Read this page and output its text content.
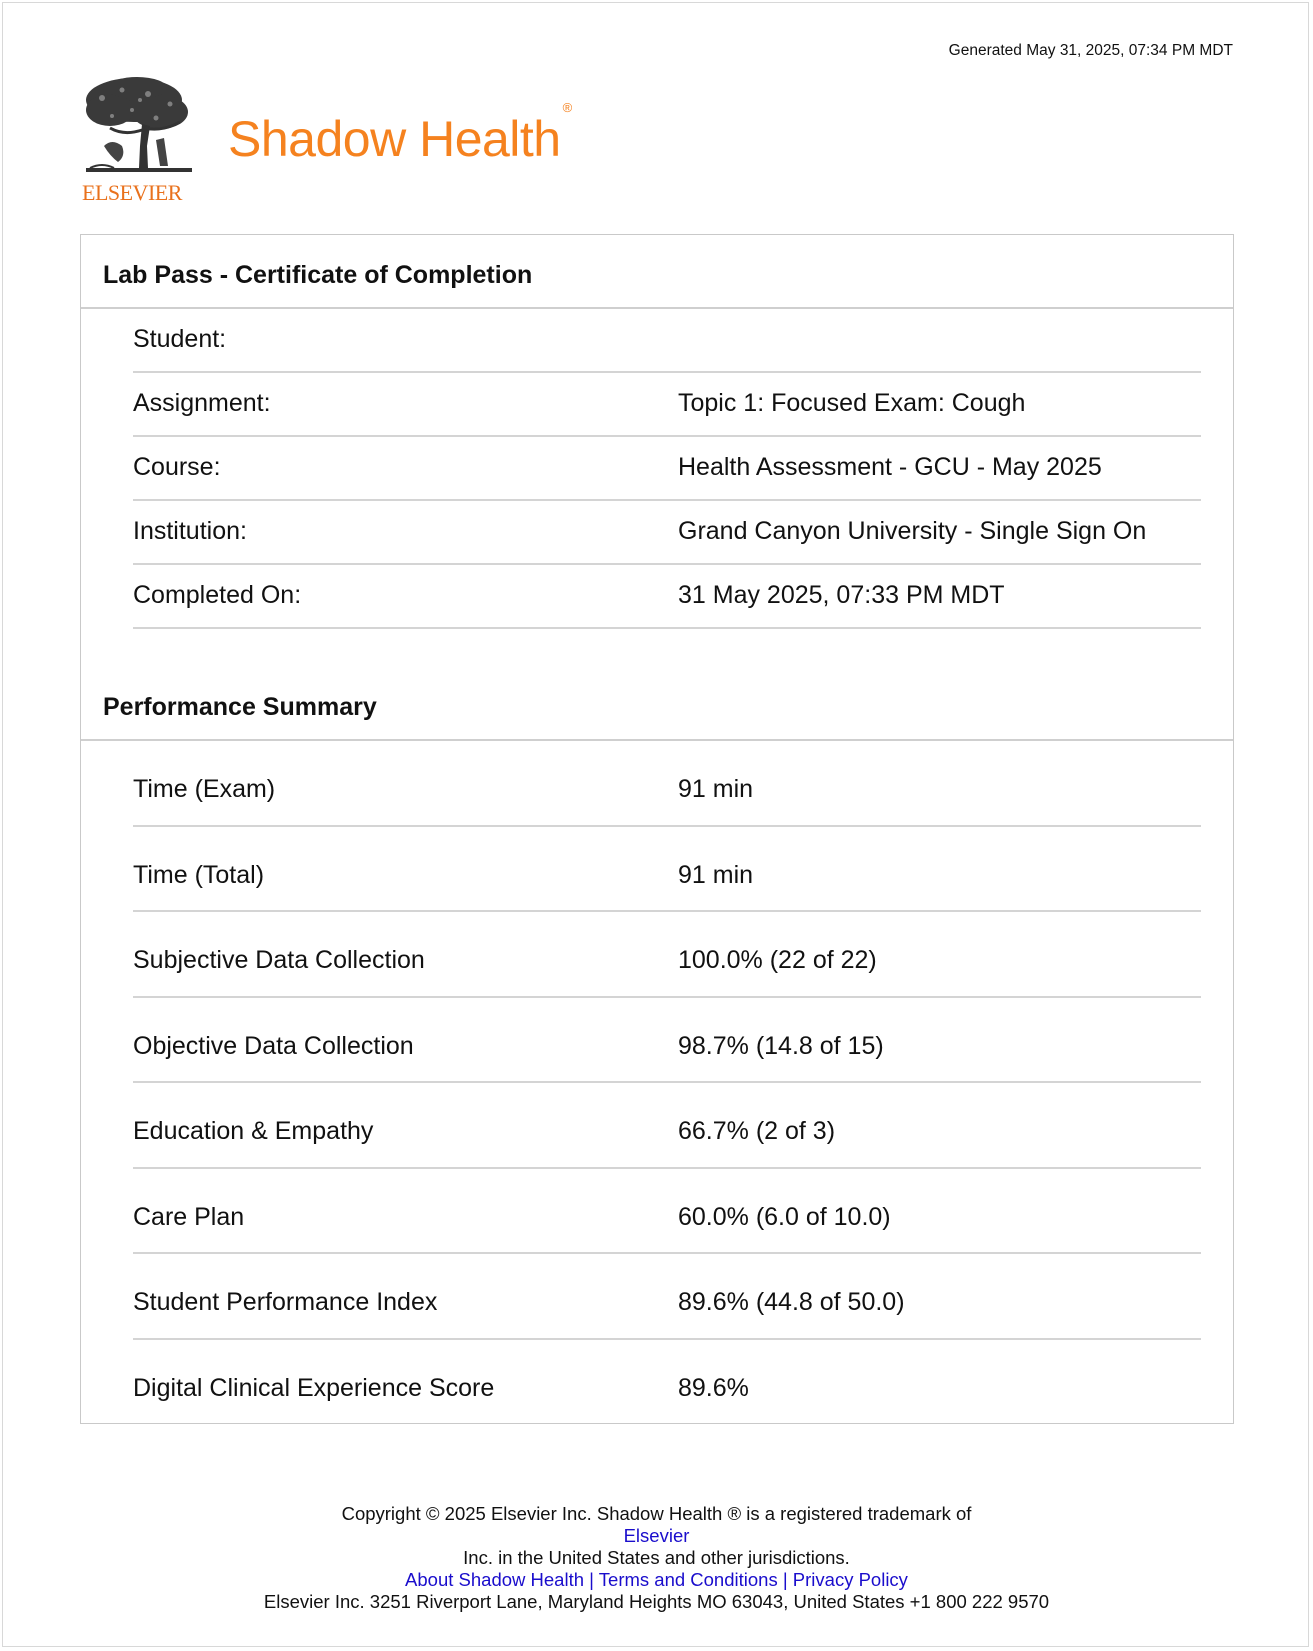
Generated May 31, 2025, 07:34 PM MDT
ELSEVIER
Shadow Health®
Lab Pass - Certificate of Completion
Student:
Assignment:	Topic 1: Focused Exam: Cough
Course:	Health Assessment - GCU - May 2025
Institution:	Grand Canyon University - Single Sign On
Completed On:	31 May 2025, 07:33 PM MDT
Performance Summary
Time (Exam)	91 min
Time (Total)	91 min
Subjective Data Collection	100.0% (22 of 22)
Objective Data Collection	98.7% (14.8 of 15)
Education & Empathy	66.7% (2 of 3)
Care Plan	60.0% (6.0 of 10.0)
Student Performance Index	89.6% (44.8 of 50.0)
Digital Clinical Experience Score	89.6%
Copyright © 2025 Elsevier Inc. Shadow Health ® is a registered trademark of
Elsevier
Inc. in the United States and other jurisdictions.
About Shadow Health | Terms and Conditions | Privacy Policy
Elsevier Inc. 3251 Riverport Lane, Maryland Heights MO 63043, United States +1 800 222 9570
